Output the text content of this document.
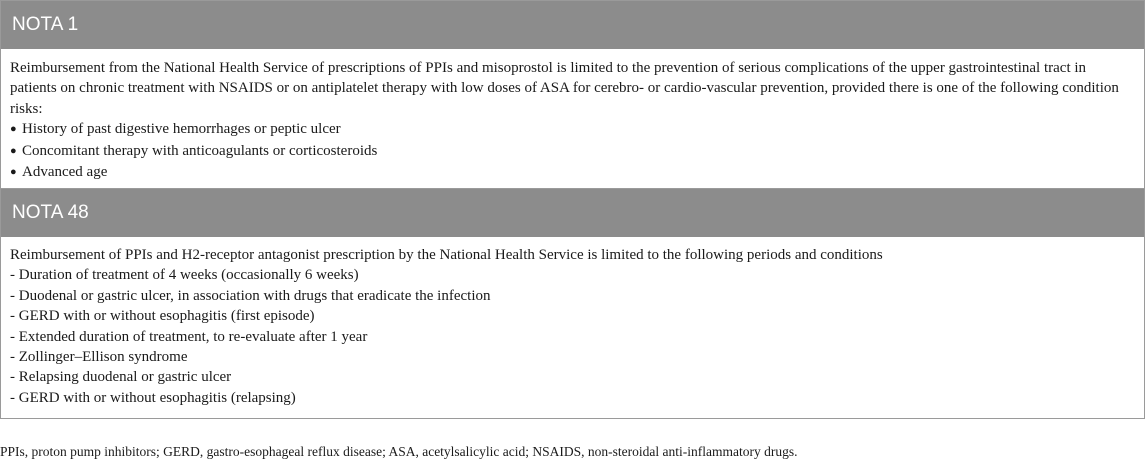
NOTA 1

Reimbursement from the National Health Service of prescriptions of PPIs and misoprostol is limited to the prevention of serious complications of the upper gastrointestinal tract in patients on chronic treatment with NSAIDS or on antiplatelet therapy with low doses of ASA for cerebro- or cardio-vascular prevention, provided there is one of the following condition risks:

● History of past digestive hemorrhages or peptic ulcer
● Concomitant therapy with anticoagulants or corticosteroids
● Advanced age
NOTA 48

Reimbursement of PPIs and H2-receptor antagonist prescription by the National Health Service is limited to the following periods and conditions

- Duration of treatment of 4 weeks (occasionally 6 weeks)
- Duodenal or gastric ulcer, in association with drugs that eradicate the infection
- GERD with or without esophagitis (first episode)
- Extended duration of treatment, to re-evaluate after 1 year
- Zollinger–Ellison syndrome
- Relapsing duodenal or gastric ulcer
- GERD with or without esophagitis (relapsing)
PPIs, proton pump inhibitors; GERD, gastro-esophageal reflux disease; ASA, acetylsalicylic acid; NSAIDS, non-steroidal anti-inflammatory drugs.
